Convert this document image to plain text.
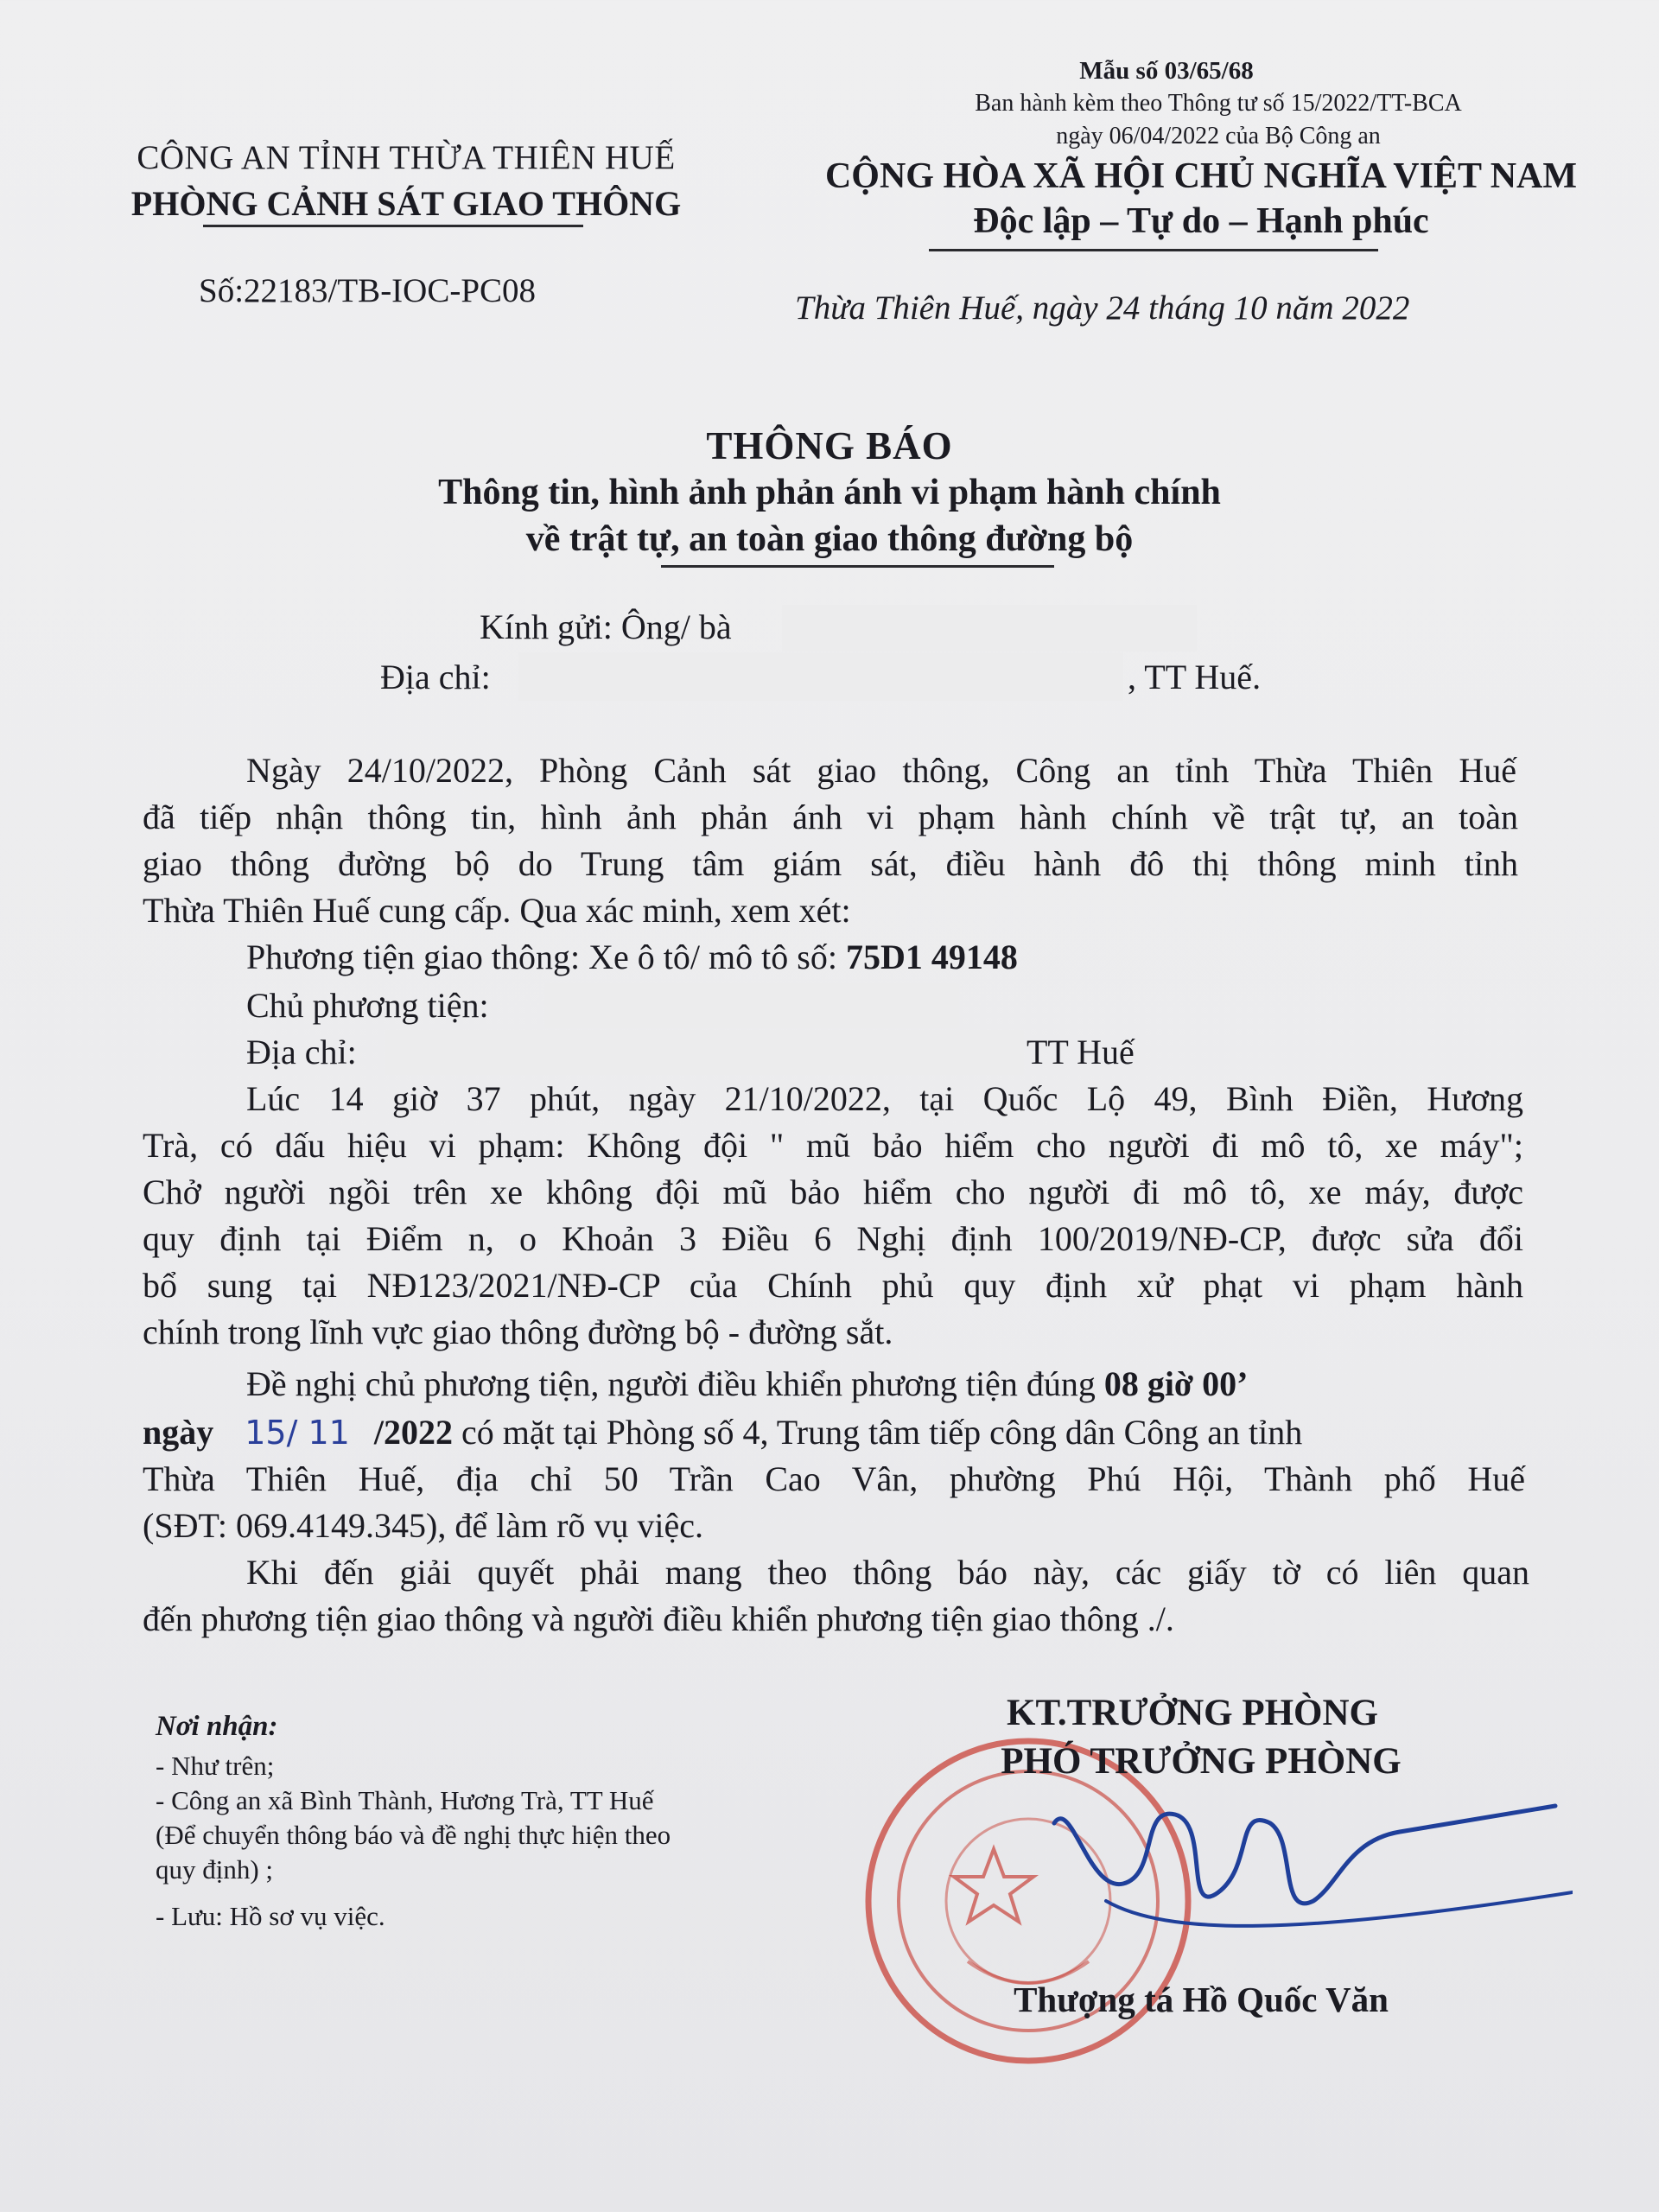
Mẫu số 03/65/68
Ban hành kèm theo Thông tư số 15/2022/TT-BCA
ngày 06/04/2022 của Bộ Công an
CÔNG AN TỈNH THỪA THIÊN HUẾ
PHÒNG CẢNH SÁT GIAO THÔNG
Số:22183/TB-IOC-PC08
CỘNG HÒA XÃ HỘI CHỦ NGHĨA VIỆT NAM
Độc lập – Tự do – Hạnh phúc
Thừa Thiên Huế, ngày 24 tháng 10 năm 2022
THÔNG BÁO
Thông tin, hình ảnh phản ánh vi phạm hành chính
về trật tự, an toàn giao thông đường bộ
Kính gửi: Ông/ bà
Địa chỉ:	, TT Huế.
Ngày 24/10/2022, Phòng Cảnh sát giao thông, Công an tỉnh Thừa Thiên Huế
đã tiếp nhận thông tin, hình ảnh phản ánh vi phạm hành chính về trật tự, an toàn
giao thông đường bộ do Trung tâm giám sát, điều hành đô thị thông minh tỉnh
Thừa Thiên Huế cung cấp. Qua xác minh, xem xét:
Phương tiện giao thông: Xe ô tô/ mô tô số: 75D1 49148
Chủ phương tiện:
Địa chỉ:	TT Huế
Lúc 14 giờ 37 phút, ngày 21/10/2022, tại Quốc Lộ 49, Bình Điền, Hương
Trà, có dấu hiệu vi phạm: Không đội " mũ bảo hiểm cho người đi mô tô, xe máy";
Chở người ngồi trên xe không đội mũ bảo hiểm cho người đi mô tô, xe máy, được
quy định tại Điểm n, o Khoản 3 Điều 6 Nghị định 100/2019/NĐ-CP, được sửa đổi
bổ sung tại NĐ123/2021/NĐ-CP của Chính phủ quy định xử phạt vi phạm hành
chính trong lĩnh vực giao thông đường bộ - đường sắt.
Đề nghị chủ phương tiện, người điều khiển phương tiện đúng 08 giờ 00’
ngày 15/ 11 /2022 có mặt tại Phòng số 4, Trung tâm tiếp công dân Công an tỉnh
Thừa Thiên Huế, địa chỉ 50 Trần Cao Vân, phường Phú Hội, Thành phố Huế
(SĐT: 069.4149.345), để làm rõ vụ việc.
Khi đến giải quyết phải mang theo thông báo này, các giấy tờ có liên quan
đến phương tiện giao thông và người điều khiển phương tiện giao thông ./.
Nơi nhận:
- Như trên;
- Công an xã Bình Thành, Hương Trà, TT Huế
(Để chuyển thông báo và đề nghị thực hiện theo
quy định) ;
- Lưu: Hồ sơ vụ việc.
KT.TRƯỞNG PHÒNG
PHÓ TRƯỞNG PHÒNG
Thượng tá Hồ Quốc Văn
